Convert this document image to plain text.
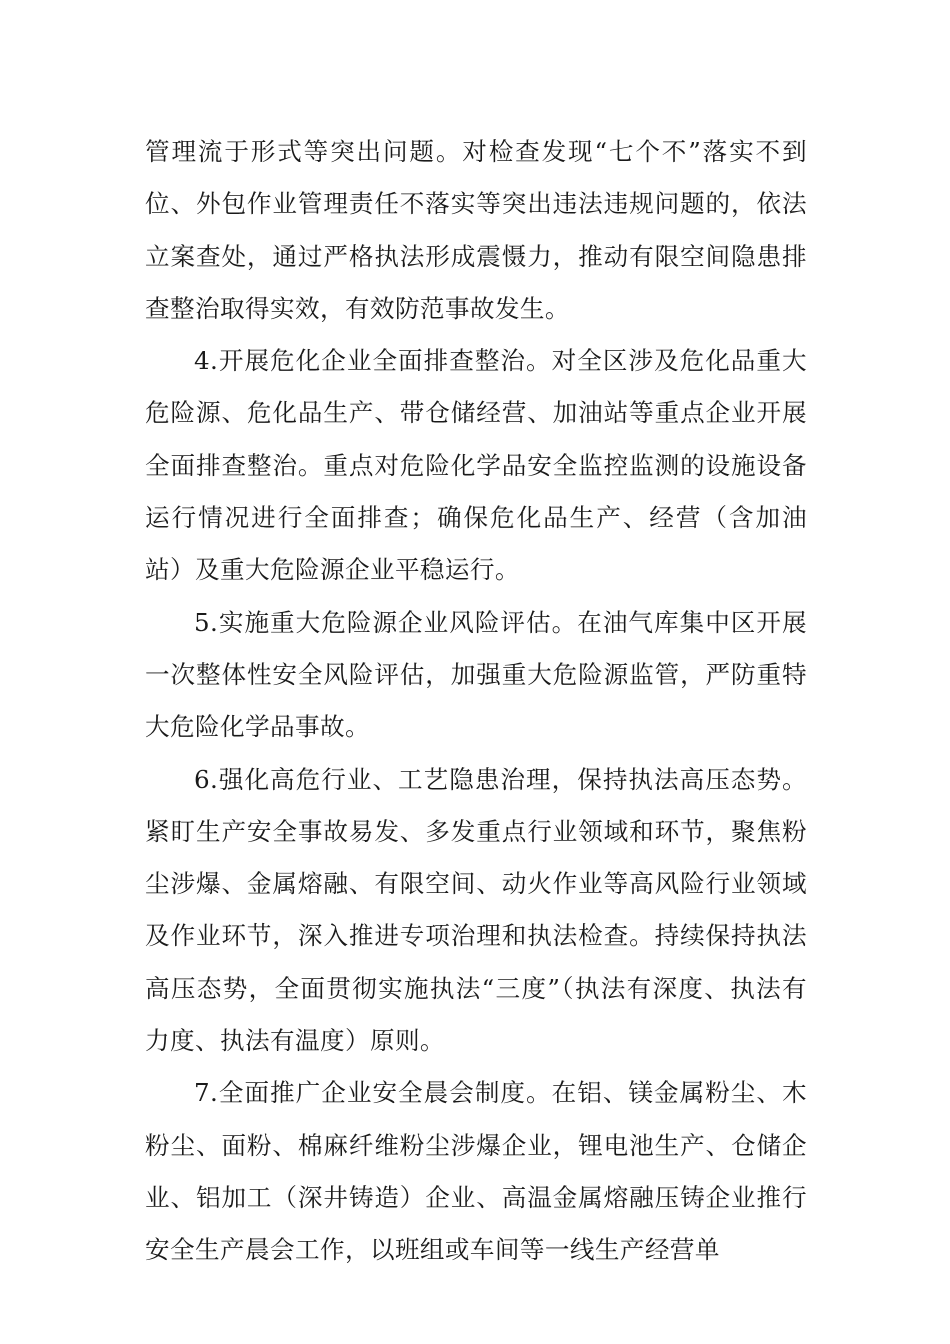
管理流于形式等突出问题。对检查发现“七个不”落实不到位、外包作业管理责任不落实等突出违法违规问题的，依法立案查处，通过严格执法形成震慑力，推动有限空间隐患排查整治取得实效，有效防范事故发生。

4.开展危化企业全面排查整治。对全区涉及危化品重大危险源、危化品生产、带仓储经营、加油站等重点企业开展全面排查整治。重点对危险化学品安全监控监测的设施设备运行情况进行全面排查；确保危化品生产、经营（含加油站）及重大危险源企业平稳运行。

5.实施重大危险源企业风险评估。在油气库集中区开展一次整体性安全风险评估，加强重大危险源监管，严防重特大危险化学品事故。

6.强化高危行业、工艺隐患治理，保持执法高压态势。紧盯生产安全事故易发、多发重点行业领域和环节，聚焦粉尘涉爆、金属熔融、有限空间、动火作业等高风险行业领域及作业环节，深入推进专项治理和执法检查。持续保持执法高压态势，全面贯彻实施执法“三度”（执法有深度、执法有力度、执法有温度）原则。

7.全面推广企业安全晨会制度。在铝、镁金属粉尘、木粉尘、面粉、棉麻纤维粉尘涉爆企业，锂电池生产、仓储企业、铝加工（深井铸造）企业、高温金属熔融压铸企业推行安全生产晨会工作，以班组或车间等一线生产经营单
